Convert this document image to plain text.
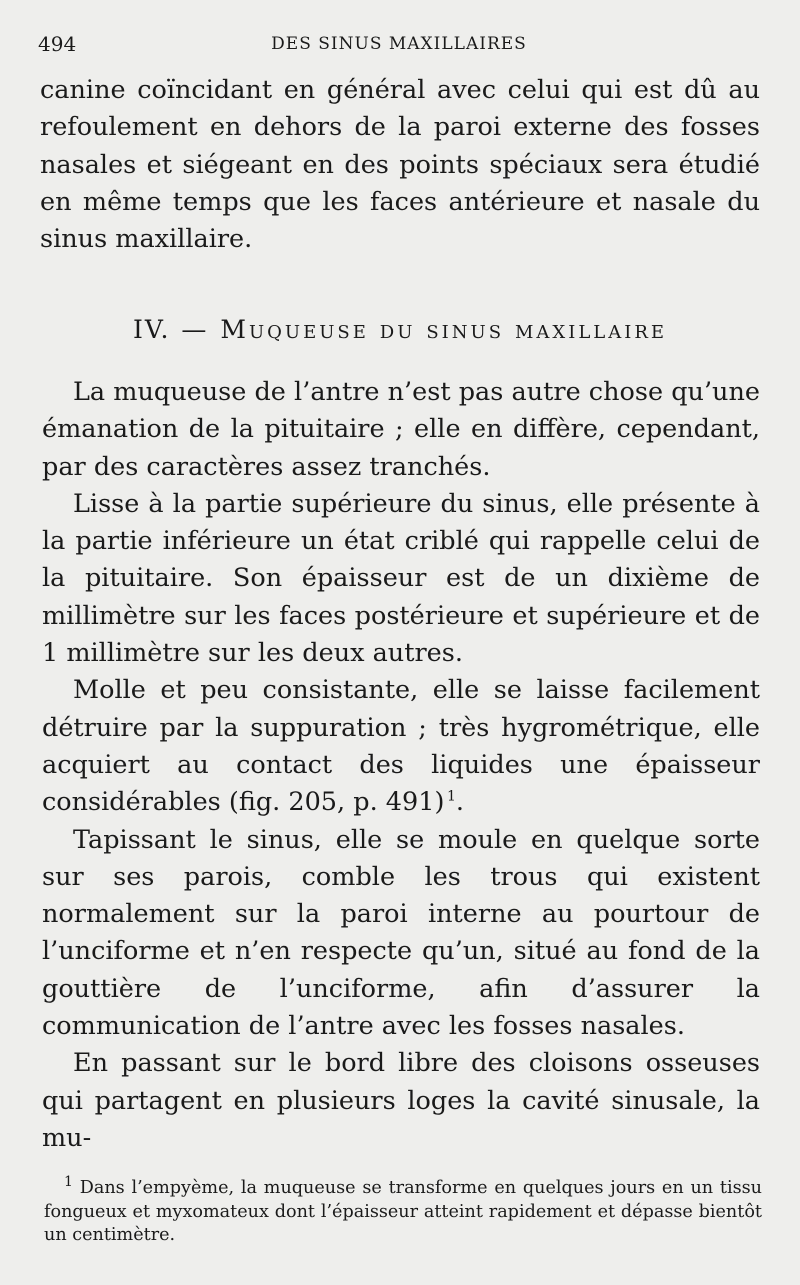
494	DES SINUS MAXILLAIRES

canine coïncidant en général avec celui qui est dû au refoulement en dehors de la paroi externe des fosses nasales et siégeant en des points spéciaux sera étudié en même temps que les faces antérieure et nasale du sinus maxillaire.

IV. — Muqueuse du sinus maxillaire

La muqueuse de l’antre n’est pas autre chose qu’une émanation de la pituitaire ; elle en diffère, cependant, par des caractères assez tranchés.

Lisse à la partie supérieure du sinus, elle présente à la partie inférieure un état criblé qui rappelle celui de la pituitaire. Son épaisseur est de un dixième de millimètre sur les faces postérieure et supérieure et de 1 millimètre sur les deux autres.

Molle et peu consistante, elle se laisse facilement détruire par la suppuration ; très hygrométrique, elle acquiert au contact des liquides une épaisseur considérables (fig. 205, p. 491)  $^1$.

Tapissant le sinus, elle se moule en quelque sorte sur ses parois, comble les trous qui existent normalement sur la paroi interne au pourtour de l’unciforme et n’en respecte qu’un, situé au fond de la gouttière de l’unciforme, afin d’assurer la communication de l’antre avec les fosses nasales.

En passant sur le bord libre des cloisons osseuses qui partagent en plusieurs loges la cavité sinusale, la mu-

$^1$ Dans l’empyème, la muqueuse se transforme en quelques jours en un tissu fongueux et myxomateux dont l’épaisseur atteint rapidement et dépasse bientôt un centimètre.
